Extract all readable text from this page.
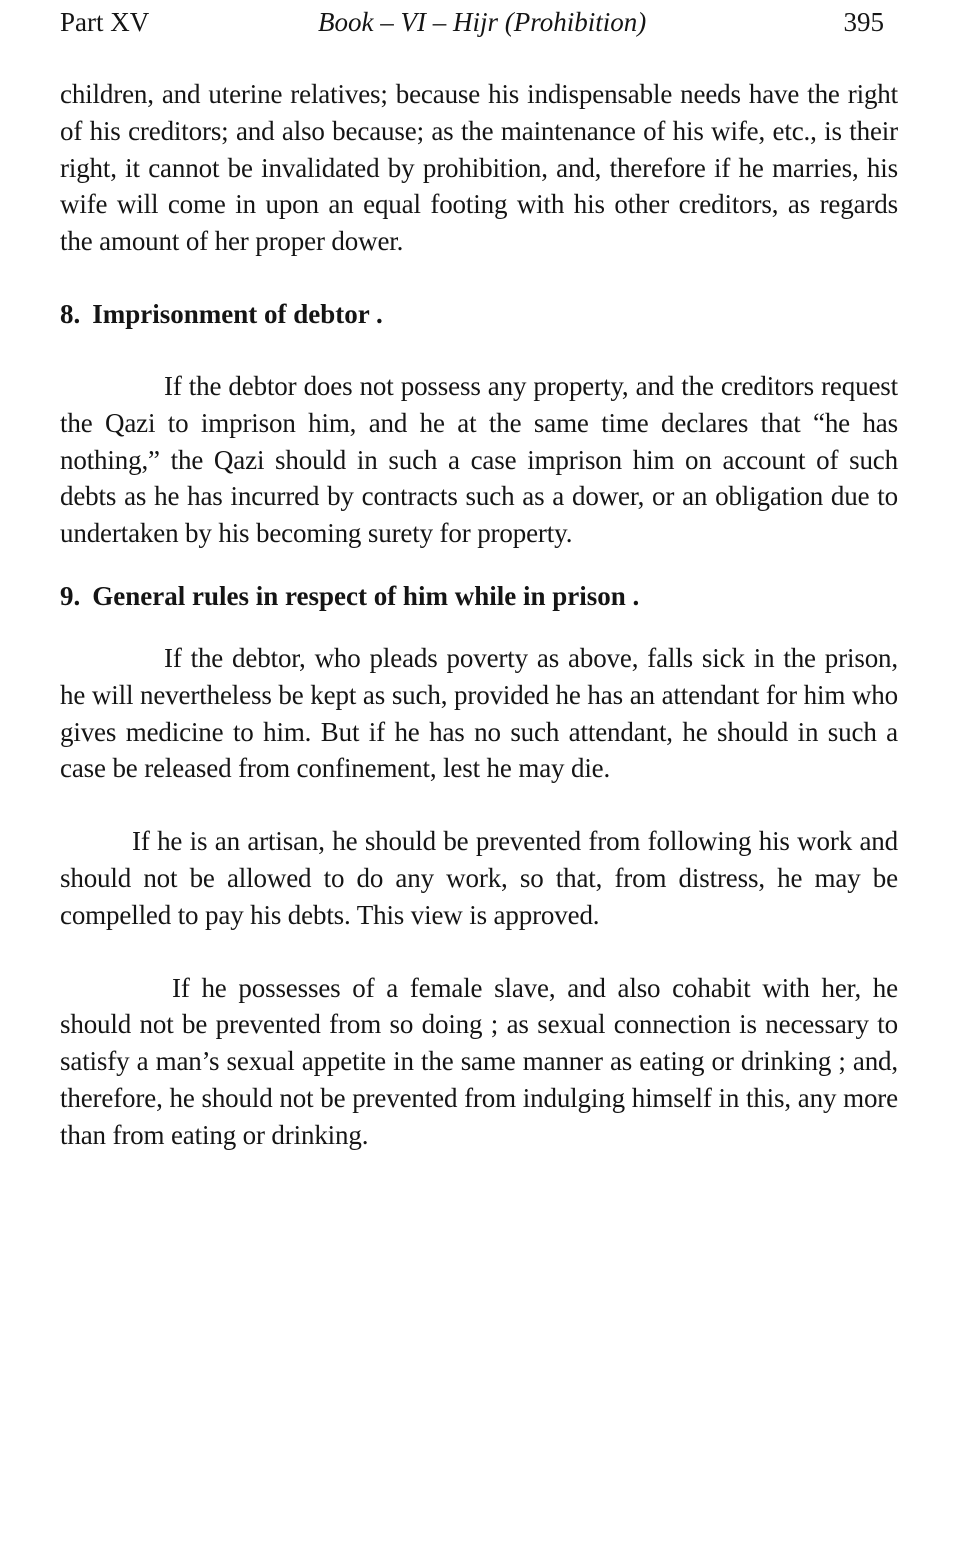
Part XV	Book – VI – Hijr (Prohibition)	395

children, and uterine relatives; because his indispensable needs have the right of his creditors; and also because; as the maintenance of his wife, etc., is their right, it cannot be invalidated by prohibition, and, therefore if he marries, his wife will come in upon an equal footing with his other creditors, as regards the amount of her proper dower.

8. Imprisonment of debtor .

If the debtor does not possess any property, and the creditors request the Qazi to imprison him, and he at the same time declares that “he has nothing,” the Qazi should in such a case imprison him on account of such debts as he has incurred by contracts such as a dower, or an obligation due to undertaken by his becoming surety for property.

9. General rules in respect of him while in prison .

If the debtor, who pleads poverty as above, falls sick in the prison, he will nevertheless be kept as such, provided he has an attendant for him who gives medicine to him. But if he has no such attendant, he should in such a case be released from confinement, lest he may die.

If he is an artisan, he should be prevented from following his work and should not be allowed to do any work, so that, from distress, he may be compelled to pay his debts. This view is approved.

If he possesses of a female slave, and also cohabit with her, he should not be prevented from so doing ; as sexual connection is necessary to satisfy a man’s sexual appetite in the same manner as eating or drinking ; and, therefore, he should not be prevented from indulging himself in this, any more than from eating or drinking.
